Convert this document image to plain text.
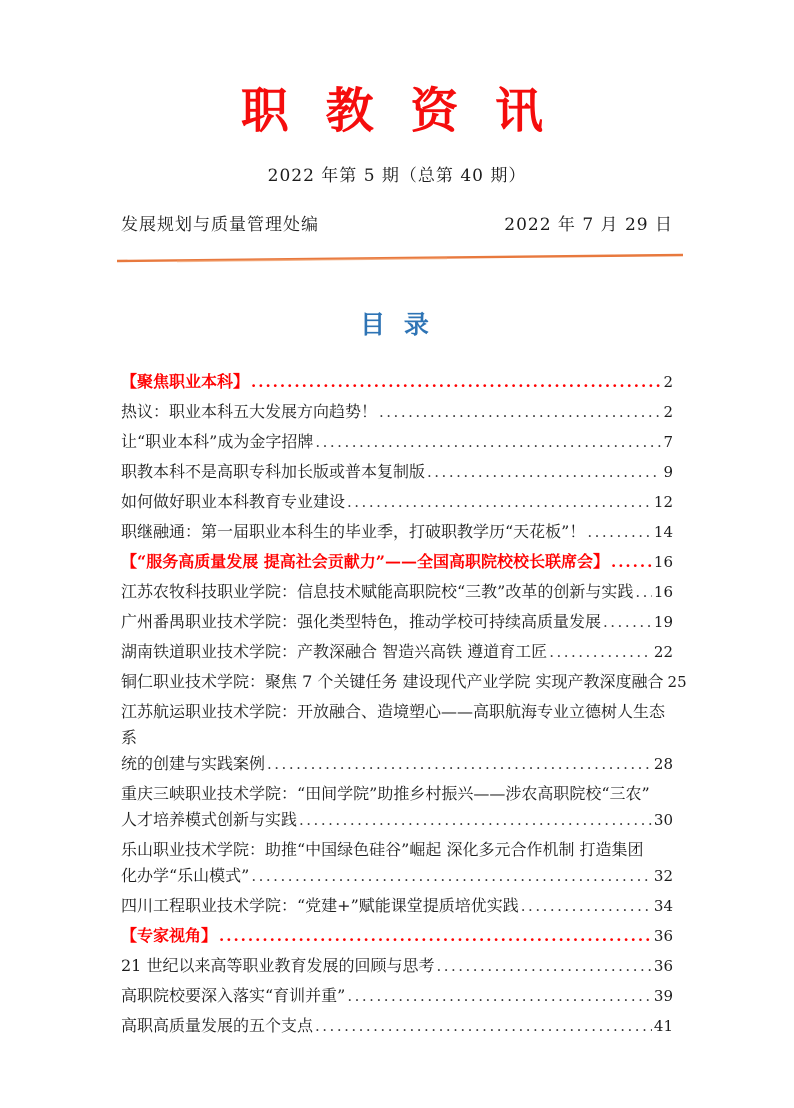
职 教 资 讯
2022 年第 5 期（总第 40 期）
发展规划与质量管理处编	2022 年 7 月 29 日
目 录
【聚焦职业本科】 .....	2
热议：职业本科五大发展方向趋势！ .....	2
让“职业本科”成为金字招牌 .....	7
职教本科不是高职专科加长版或普本复制版 .....	9
如何做好职业本科教育专业建设 .....	12
职继融通：第一届职业本科生的毕业季，打破职教学历“天花板”！ .....	14
【“服务高质量发展 提高社会贡献力”——全国高职院校校长联席会】 .....	16
江苏农牧科技职业学院：信息技术赋能高职院校“三教”改革的创新与实践 ..... 16
广州番禺职业技术学院：强化类型特色，推动学校可持续高质量发展 .....	19
湖南铁道职业技术学院：产教深融合 智造兴高铁 遵道育工匠 .....	22
铜仁职业技术学院：聚焦 7 个关键任务 建设现代产业学院 实现产教深度融合 25
江苏航运职业技术学院：开放融合、造境塑心——高职航海专业立德树人生态系
统的创建与实践案例 .....	28
重庆三峡职业技术学院：“田间学院”助推乡村振兴——涉农高职院校“三农”
人才培养模式创新与实践 .....	30
乐山职业技术学院：助推“中国绿色硅谷”崛起 深化多元合作机制 打造集团
化办学“乐山模式” .....	32
四川工程职业技术学院：“党建+”赋能课堂提质培优实践 .....	34
【专家视角】 .....	36
21 世纪以来高等职业教育发展的回顾与思考 .....	36
高职院校要深入落实“育训并重” .....	39
高职高质量发展的五个支点 .....	41
